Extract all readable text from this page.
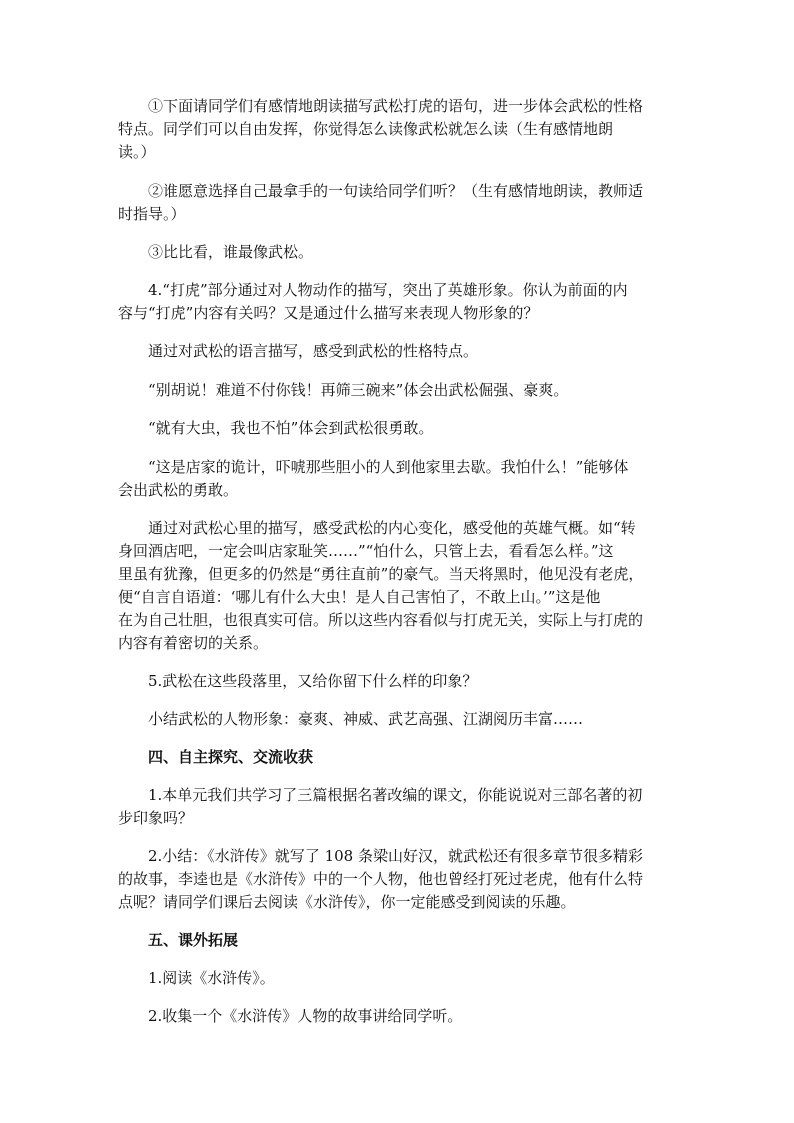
①下面请同学们有感情地朗读描写武松打虎的语句，进一步体会武松的性格
特点。同学们可以自由发挥，你觉得怎么读像武松就怎么读（生有感情地朗
读。）
②谁愿意选择自己最拿手的一句读给同学们听？（生有感情地朗读，教师适
时指导。）
③比比看，谁最像武松。
4.“打虎”部分通过对人物动作的描写，突出了英雄形象。你认为前面的内
容与“打虎”内容有关吗？又是通过什么描写来表现人物形象的？
通过对武松的语言描写，感受到武松的性格特点。
“别胡说！难道不付你钱！再筛三碗来”体会出武松倔强、豪爽。
“就有大虫，我也不怕”体会到武松很勇敢。
“这是店家的诡计，吓唬那些胆小的人到他家里去歇。我怕什么！”能够体
会出武松的勇敢。
通过对武松心里的描写，感受武松的内心变化，感受他的英雄气概。如“转
身回酒店吧，一定会叫店家耻笑……”“怕什么，只管上去，看看怎么样。”这
里虽有犹豫，但更多的仍然是“勇往直前”的豪气。当天将黑时，他见没有老虎，
便“自言自语道：‘哪儿有什么大虫！是人自己害怕了，不敢上山。’”这是他
在为自己壮胆，也很真实可信。所以这些内容看似与打虎无关，实际上与打虎的
内容有着密切的关系。
5.武松在这些段落里，又给你留下什么样的印象？
小结武松的人物形象：豪爽、神威、武艺高强、江湖阅历丰富……
四、自主探究、交流收获
1.本单元我们共学习了三篇根据名著改编的课文，你能说说对三部名著的初
步印象吗？
2.小结：《水浒传》就写了 108 条梁山好汉，就武松还有很多章节很多精彩
的故事，李逵也是《水浒传》中的一个人物，他也曾经打死过老虎，他有什么特
点呢？请同学们课后去阅读《水浒传》，你一定能感受到阅读的乐趣。
五、课外拓展
1.阅读《水浒传》。
2.收集一个《水浒传》人物的故事讲给同学听。
